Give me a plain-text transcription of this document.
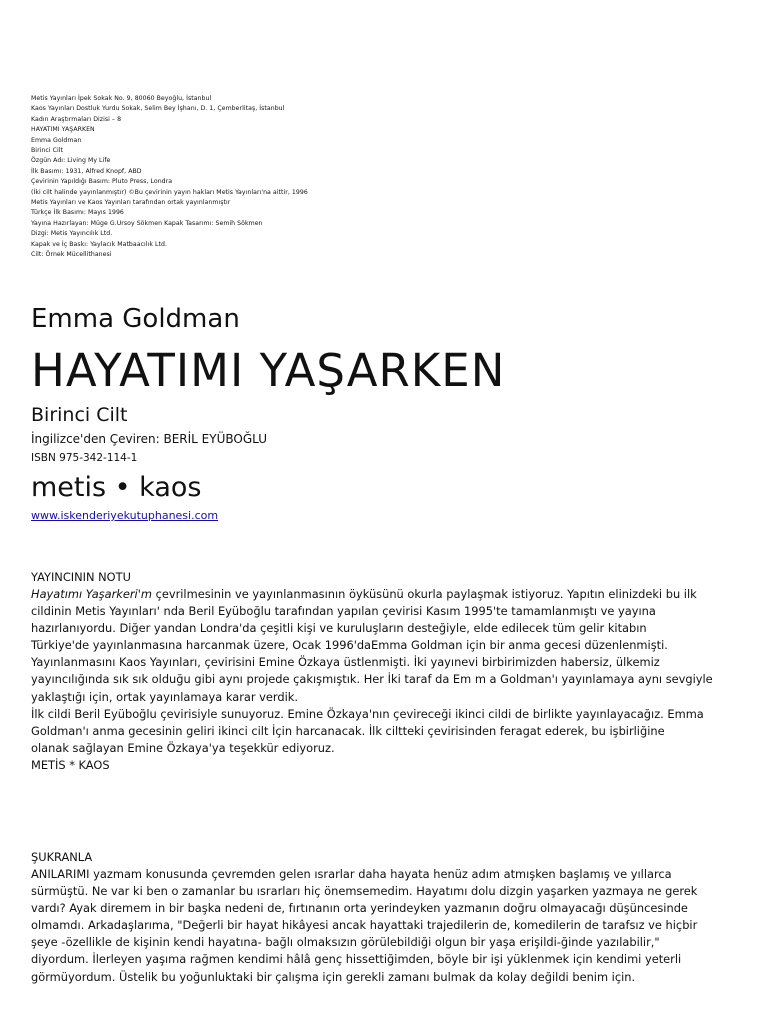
Metis Yayınları İpek Sokak No. 9, 80060 Beyoğlu, İstanbul
Kaos Yayınları Dostluk Yurdu Sokak, Selim Bey İşhanı, D. 1, Çemberlitaş, İstanbul
Kadın Araştırmaları Dizisi – 8
HAYATIMI YAŞARKEN
Emma Goldman
Birinci Cilt
Özgün Adı: Living My Life
İlk Basımı: 1931, Alfred Knopf, ABD
Çevirinin Yapıldığı Basım: Pluto Press, Londra
(İki cilt halinde yayınlanmıştır) ©Bu çevirinin yayın hakları Metis Yayınları'na aittir, 1996
Metis Yayınları ve Kaos Yayınları tarafından ortak yayınlanmıştır
Türkçe İlk Basımı: Mayıs 1996
Yayına Hazırlayan: Müge G.Ursoy Sökmen Kapak Tasarımı: Semih Sökmen
Dizgi: Metis Yayıncılık Ltd.
Kapak ve İç Baskı: Yaylacık Matbaacılık Ltd.
Cilt: Örnek Mücellithanesi
Emma Goldman
HAYATIMI YAŞARKEN
Birinci Cilt
İngilizce'den Çeviren: BERİL EYÜBOĞLU
ISBN 975-342-114-1
metis • kaos
www.iskenderiyekutuphanesi.com
YAYINCININ NOTU
Hayatımı Yaşarkeri'm çevrilmesinin ve yayınlanmasının öyküsünü okurla paylaşmak istiyoruz. Yapıtın elinizdeki bu ilk
cildinin Metis Yayınları' nda Beril Eyüboğlu tarafından yapılan çevirisi Kasım 1995'te tamamlanmıştı ve yayına
hazırlanıyordu. Diğer yandan Londra'da çeşitli kişi ve kuruluşların desteğiyle, elde edilecek tüm gelir kitabın
Türkiye'de yayınlanmasına harcanmak üzere, Ocak 1996'daEmma Goldman için bir anma gecesi düzenlenmişti.
Yayınlanmasını Kaos Yayınları, çevirisini Emine Özkaya üstlenmişti. İki yayınevi birbirimizden habersiz, ülkemiz
yayıncılığında sık sık olduğu gibi aynı projede çakışmıştık. Her İki taraf da Em m a Goldman'ı yayınlamaya aynı sevgiyle
yaklaştığı için, ortak yayınlamaya karar verdik.
İlk cildi Beril Eyüboğlu çevirisiyle sunuyoruz. Emine Özkaya'nın çevireceği ikinci cildi de birlikte yayınlayacağız. Emma
Goldman'ı anma gecesinin geliri ikinci cilt İçin harcanacak. İlk ciltteki çevirisinden feragat ederek, bu işbirliğine
olanak sağlayan Emine Özkaya'ya teşekkür ediyoruz.
METİS * KAOS
ŞUKRANLA
ANILARIMI yazmam konusunda çevremden gelen ısrarlar daha hayata henüz adım atmışken başlamış ve yıllarca
sürmüştü. Ne var ki ben o zamanlar bu ısrarları hiç önemsemedim. Hayatımı dolu dizgin yaşarken yazmaya ne gerek
vardı? Ayak diremem in bir başka nedeni de, fırtınanın orta yerindeyken yazmanın doğru olmayacağı düşüncesinde
olmamdı. Arkadaşlarıma, "Değerli bir hayat hikâyesi ancak hayattaki trajedilerin de, komedilerin de tarafsız ve hiçbir
şeye -özellikle de kişinin kendi hayatına- bağlı olmaksızın görülebildiği olgun bir yaşa erişildi-ğinde yazılabilir,"
diyordum. İlerleyen yaşıma rağmen kendimi hâlâ genç hissettiğimden, böyle bir işi yüklenmek için kendimi yeterli
görmüyordum. Üstelik bu yoğunluktaki bir çalışma için gerekli zamanı bulmak da kolay değildi benim için.
